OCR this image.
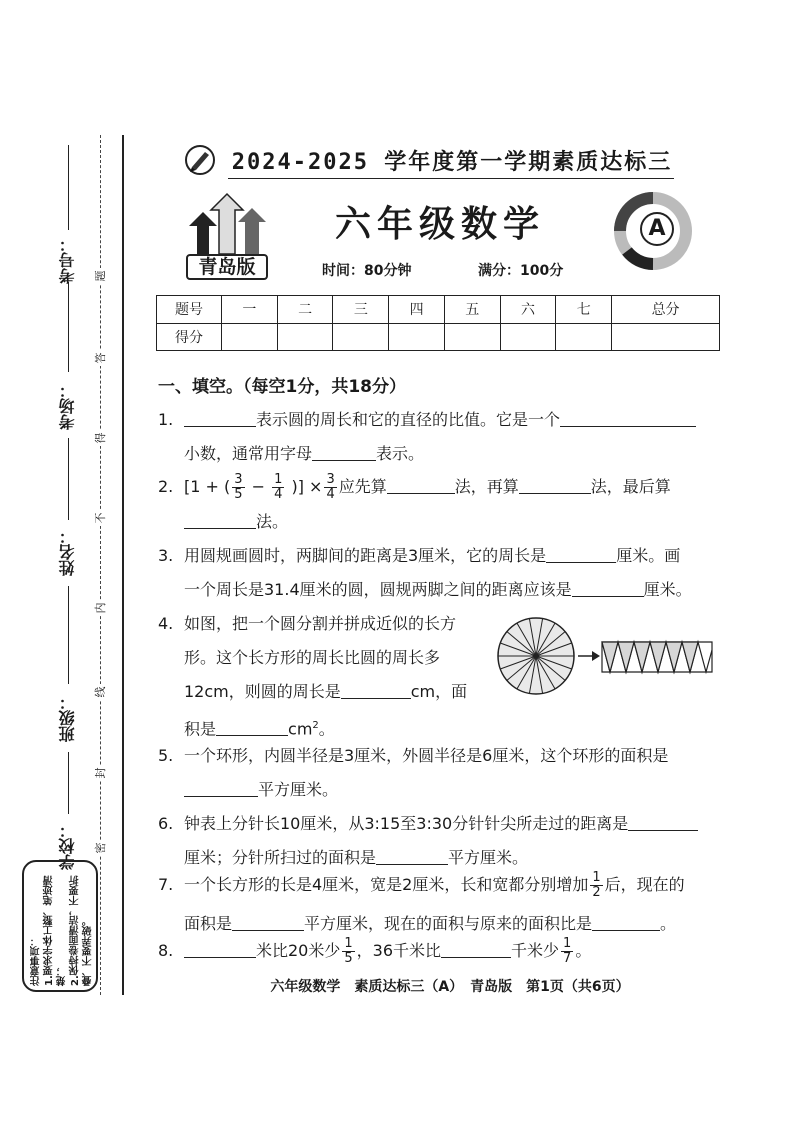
考号：
考场：
姓名：
班级：
学校：
题
答
得
不
内
线
封
密
注意事项： 1.要求字体工整、笔迹清楚； 2.保持卷面清洁，不要折叠、不要弄破。
2024-2025 学年度第一学期素质达标三
青岛版
六年级数学	A
时间：80分钟	满分：100分
题号	一	二	三	四	五	六	七	总分
得分								
一、填空。（每空1分，共18分）
1.	表示圆的周长和它的直径的比值。它是一个
小数，通常用字母	表示。
2. [1 + ( $\frac{3}{5} - \frac{1}{4}$ )] × $\frac{3}{4}$ 应先算	法，再算	法，最后算
法。
3. 用圆规画圆时，两脚间的距离是3厘米，它的周长是	厘米。画
一个周长是31.4厘米的圆，圆规两脚之间的距离应该是	厘米。
4. 如图，把一个圆分割并拼成近似的长方
形。这个长方形的周长比圆的周长多
12cm，则圆的周长是	cm，面
积是	$cm^2$。
5. 一个环形，内圆半径是3厘米，外圆半径是6厘米，这个环形的面积是
平方厘米。
6. 钟表上分针长10厘米，从3:15至3:30分针针尖所走过的距离是
厘米；分针所扫过的面积是	平方厘米。
7. 一个长方形的长是4厘米，宽是2厘米，长和宽都分别增加 $\frac{1}{2}$ 后，现在的
面积是	平方厘米，现在的面积与原来的面积比是	。
8.	米比20米少 $\frac{1}{5}$ ，36千米比	千米少 $\frac{1}{7}$ 。
六年级数学　素质达标三（A）　青岛版　第1页（共6页）
